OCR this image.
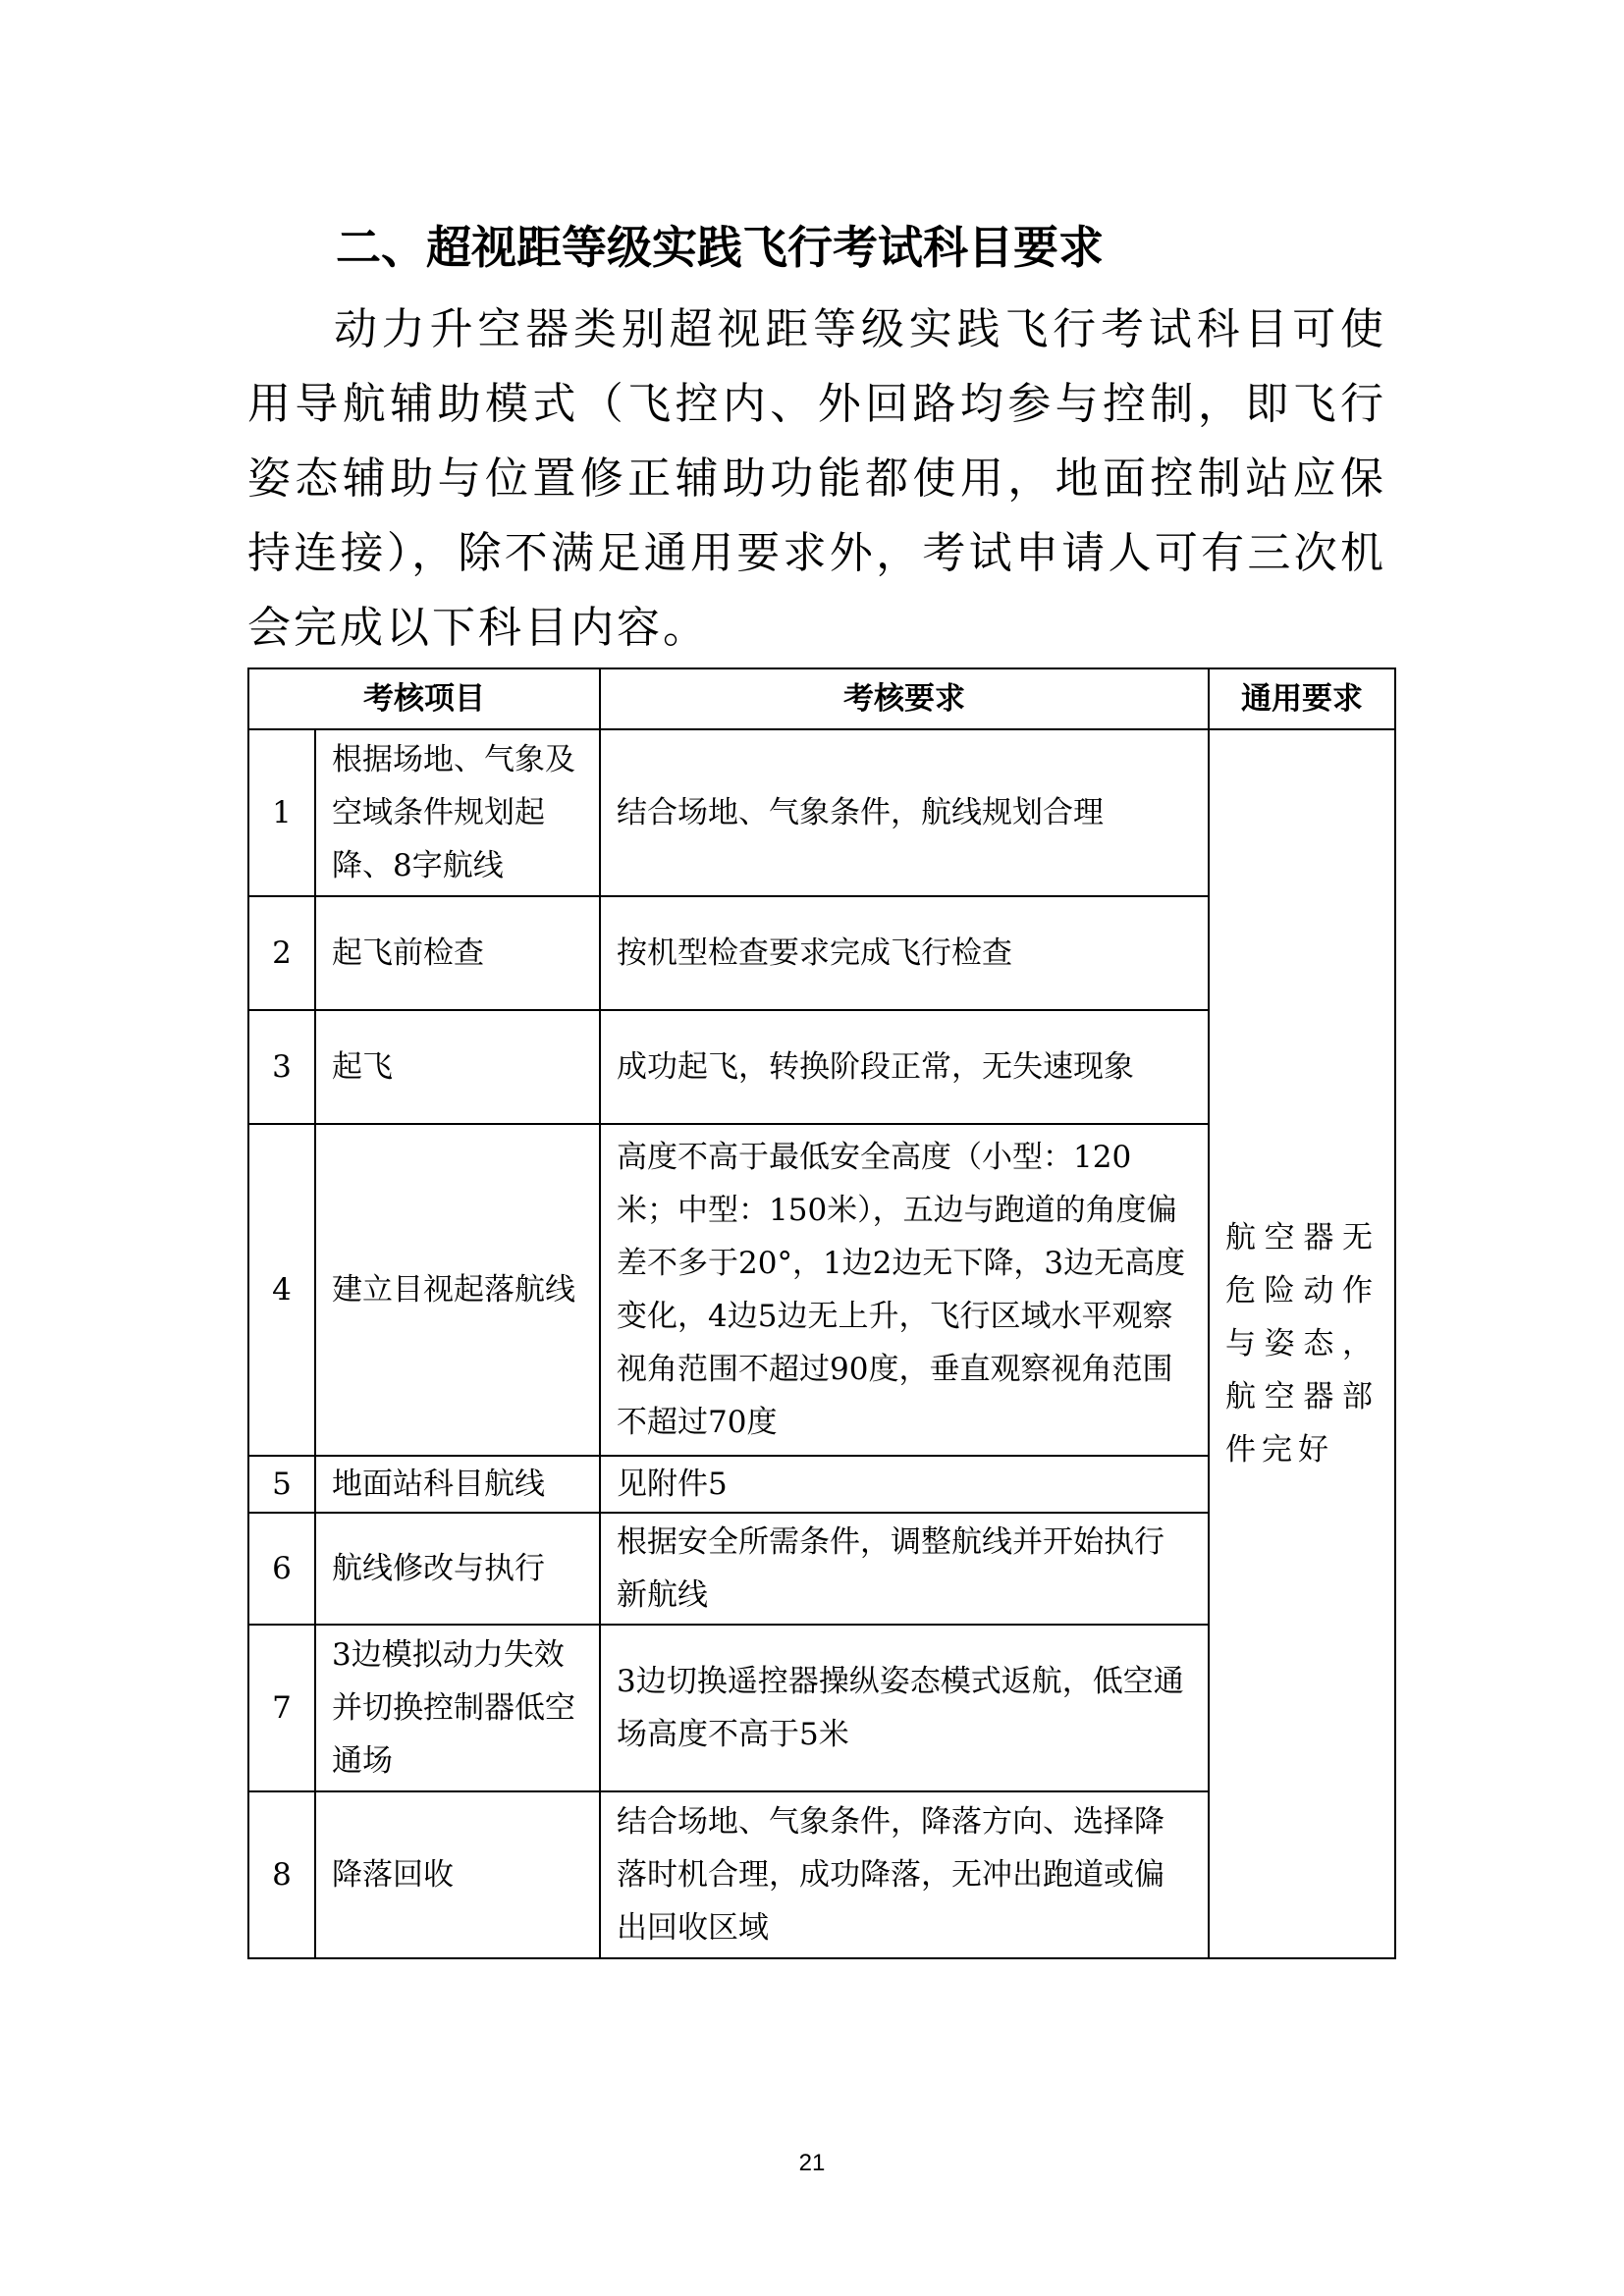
二、超视距等级实践飞行考试科目要求
动力升空器类别超视距等级实践飞行考试科目可使用导航辅助模式（飞控内、外回路均参与控制，即飞行姿态辅助与位置修正辅助功能都使用，地面控制站应保持连接），除不满足通用要求外，考试申请人可有三次机会完成以下科目内容。
考核项目		考核要求	通用要求
1	根据场地、气象及空域条件规划起降、8字航线	结合场地、气象条件，航线规划合理	航空器无危险动作与姿态，航空器部件完好
2	起飞前检查	按机型检查要求完成飞行检查	
3	起飞	成功起飞，转换阶段正常，无失速现象	
4	建立目视起落航线	高度不高于最低安全高度（小型：120米；中型：150米），五边与跑道的角度偏差不多于20°，1边2边无下降，3边无高度变化，4边5边无上升，飞行区域水平观察视角范围不超过90度，垂直观察视角范围不超过70度	
5	地面站科目航线	见附件5	
6	航线修改与执行	根据安全所需条件，调整航线并开始执行新航线	
7	3边模拟动力失效并切换控制器低空通场	3边切换遥控器操纵姿态模式返航，低空通场高度不高于5米	
8	降落回收	结合场地、气象条件，降落方向、选择降落时机合理，成功降落，无冲出跑道或偏出回收区域	
21
